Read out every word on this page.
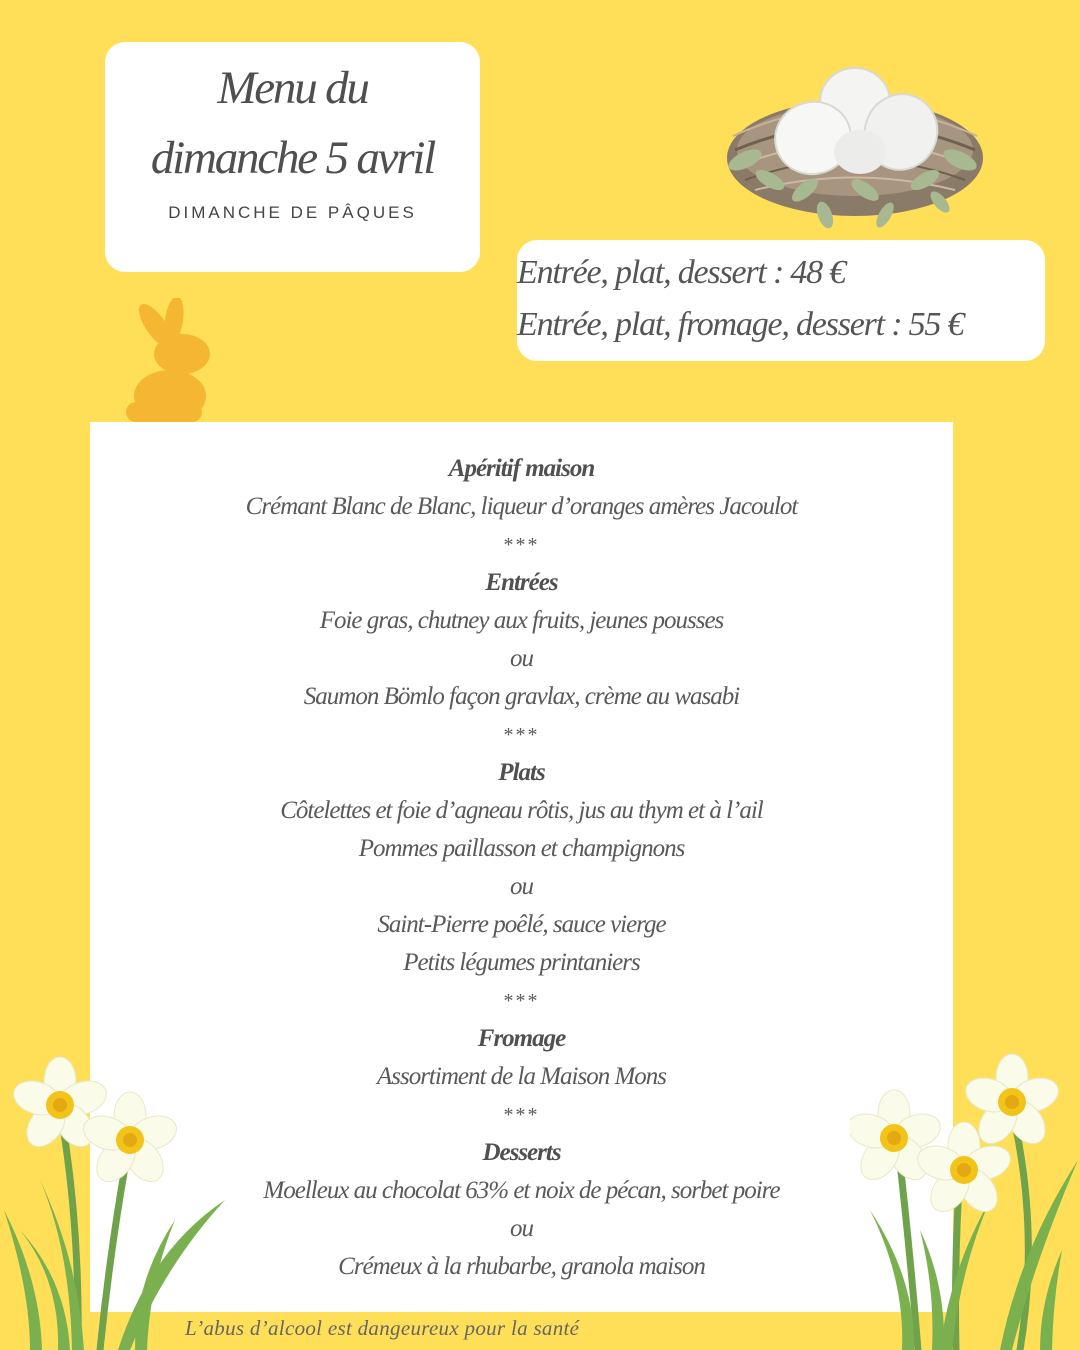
Menu du
dimanche 5 avril
DIMANCHE DE PÂQUES
Entrée, plat, dessert : 48 €
Entrée, plat, fromage, dessert : 55 €
Apéritif maison
Crémant Blanc de Blanc, liqueur d’oranges amères Jacoulot
***
Entrées
Foie gras, chutney aux fruits, jeunes pousses
ou
Saumon Bömlo façon gravlax, crème au wasabi
***
Plats
Côtelettes et foie d’agneau rôtis, jus au thym et à l’ail
Pommes paillasson et champignons
ou
Saint-Pierre poêlé, sauce vierge
Petits légumes printaniers
***
Fromage
Assortiment de la Maison Mons
***
Desserts
Moelleux au chocolat 63% et noix de pécan, sorbet poire
ou
Crémeux à la rhubarbe, granola maison
L’abus d’alcool est dangeureux pour la santé
